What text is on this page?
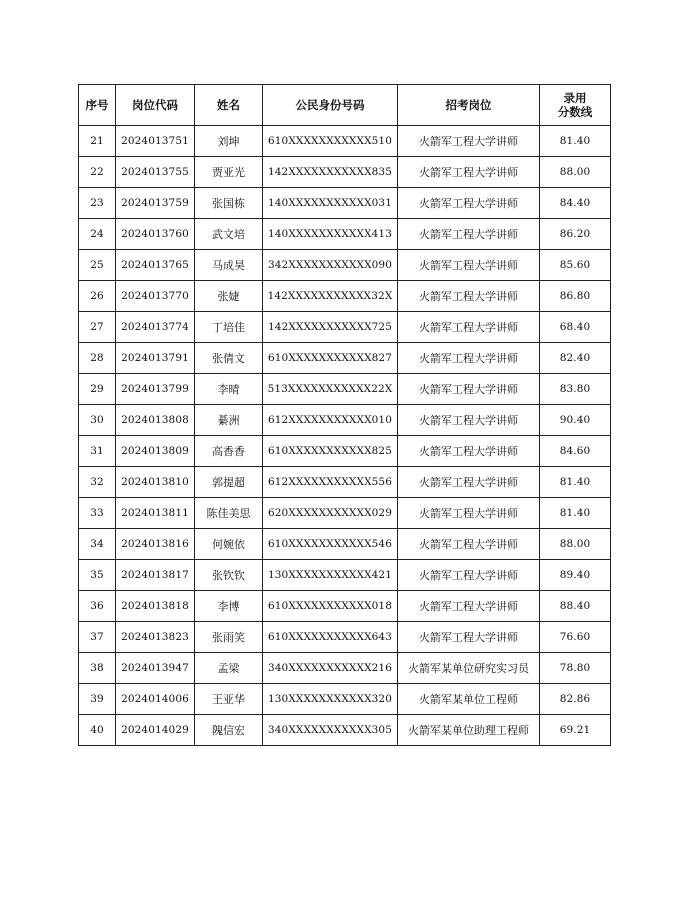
序号	岗位代码	姓名	公民身份号码	招考岗位	录用
分数线
21	2024013751	刘坤	610XXXXXXXXXXX510	火箭军工程大学讲师	81.40
22	2024013755	贾亚光	142XXXXXXXXXXX835	火箭军工程大学讲师	88.00
23	2024013759	张国栋	140XXXXXXXXXXX031	火箭军工程大学讲师	84.40
24	2024013760	武文培	140XXXXXXXXXXX413	火箭军工程大学讲师	86.20
25	2024013765	马成昊	342XXXXXXXXXXX090	火箭军工程大学讲师	85.60
26	2024013770	张婕	142XXXXXXXXXXX32X	火箭军工程大学讲师	86.80
27	2024013774	丁培佳	142XXXXXXXXXXX725	火箭军工程大学讲师	68.40
28	2024013791	张倩文	610XXXXXXXXXXX827	火箭军工程大学讲师	82.40
29	2024013799	李晴	513XXXXXXXXXXX22X	火箭军工程大学讲师	83.80
30	2024013808	綦洲	612XXXXXXXXXXX010	火箭军工程大学讲师	90.40
31	2024013809	高香香	610XXXXXXXXXXX825	火箭军工程大学讲师	84.60
32	2024013810	郭提超	612XXXXXXXXXXX556	火箭军工程大学讲师	81.40
33	2024013811	陈佳美思	620XXXXXXXXXXX029	火箭军工程大学讲师	81.40
34	2024013816	何婉依	610XXXXXXXXXXX546	火箭军工程大学讲师	88.00
35	2024013817	张钦钦	130XXXXXXXXXXX421	火箭军工程大学讲师	89.40
36	2024013818	李博	610XXXXXXXXXXX018	火箭军工程大学讲师	88.40
37	2024013823	张雨笑	610XXXXXXXXXXX643	火箭军工程大学讲师	76.60
38	2024013947	孟梁	340XXXXXXXXXXX216	火箭军某单位研究实习员	78.80
39	2024014006	王亚华	130XXXXXXXXXXX320	火箭军某单位工程师	82.86
40	2024014029	隗信宏	340XXXXXXXXXXX305	火箭军某单位助理工程师	69.21
